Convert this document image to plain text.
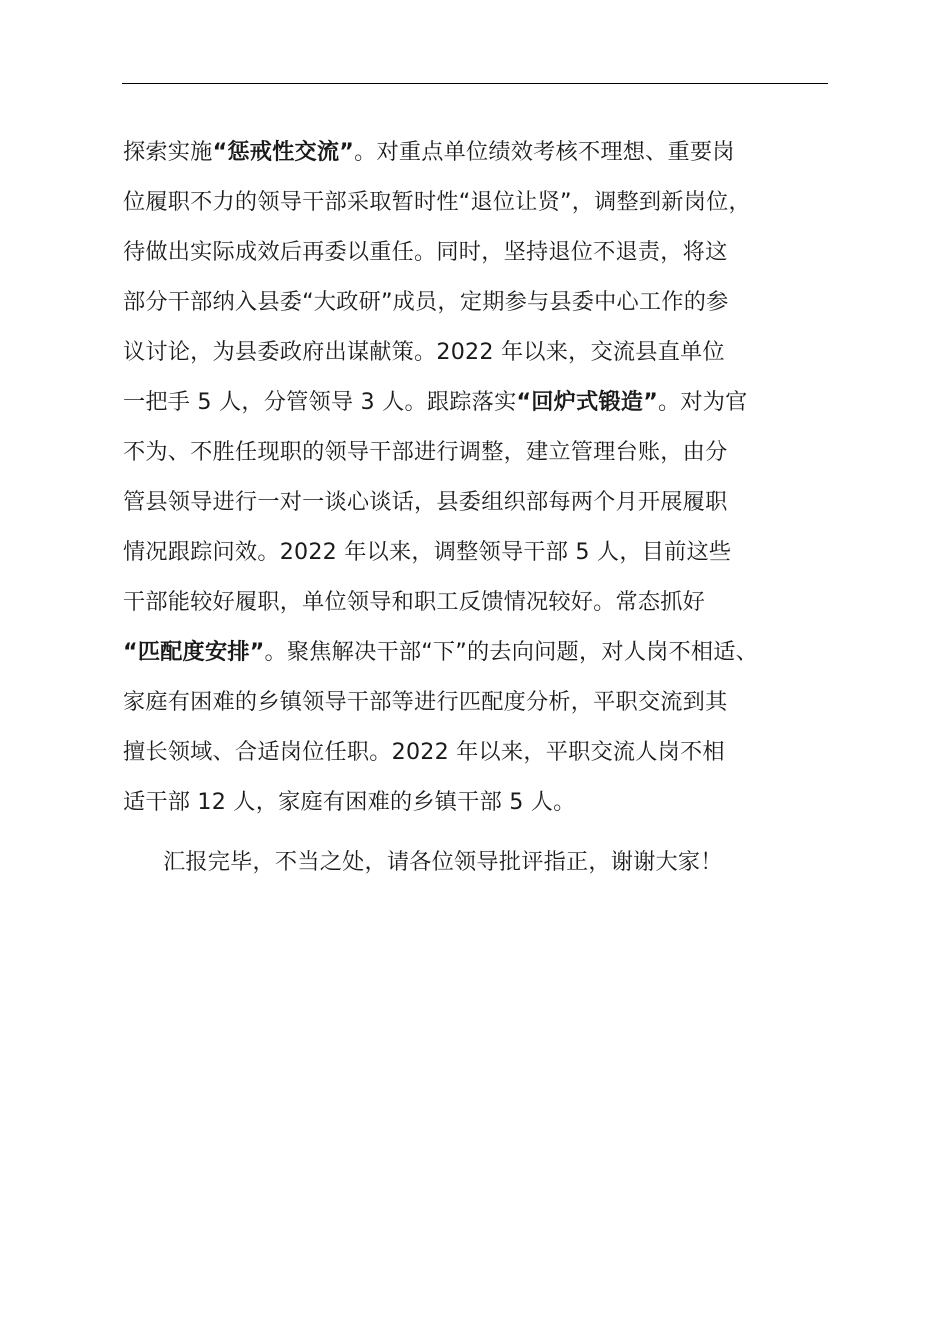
探索实施“惩戒性交流”。对重点单位绩效考核不理想、重要岗
位履职不力的领导干部采取暂时性“退位让贤”，调整到新岗位，
待做出实际成效后再委以重任。同时，坚持退位不退责，将这
部分干部纳入县委“大政研”成员，定期参与县委中心工作的参
议讨论，为县委政府出谋献策。2022 年以来，交流县直单位
一把手 5 人，分管领导 3 人。跟踪落实“回炉式锻造”。对为官
不为、不胜任现职的领导干部进行调整，建立管理台账，由分
管县领导进行一对一谈心谈话，县委组织部每两个月开展履职
情况跟踪问效。2022 年以来，调整领导干部 5 人，目前这些
干部能较好履职，单位领导和职工反馈情况较好。常态抓好
“匹配度安排”。聚焦解决干部“下”的去向问题，对人岗不相适、
家庭有困难的乡镇领导干部等进行匹配度分析，平职交流到其
擅长领域、合适岗位任职。2022 年以来，平职交流人岗不相
适干部 12 人，家庭有困难的乡镇干部 5 人。
汇报完毕，不当之处，请各位领导批评指正，谢谢大家！
